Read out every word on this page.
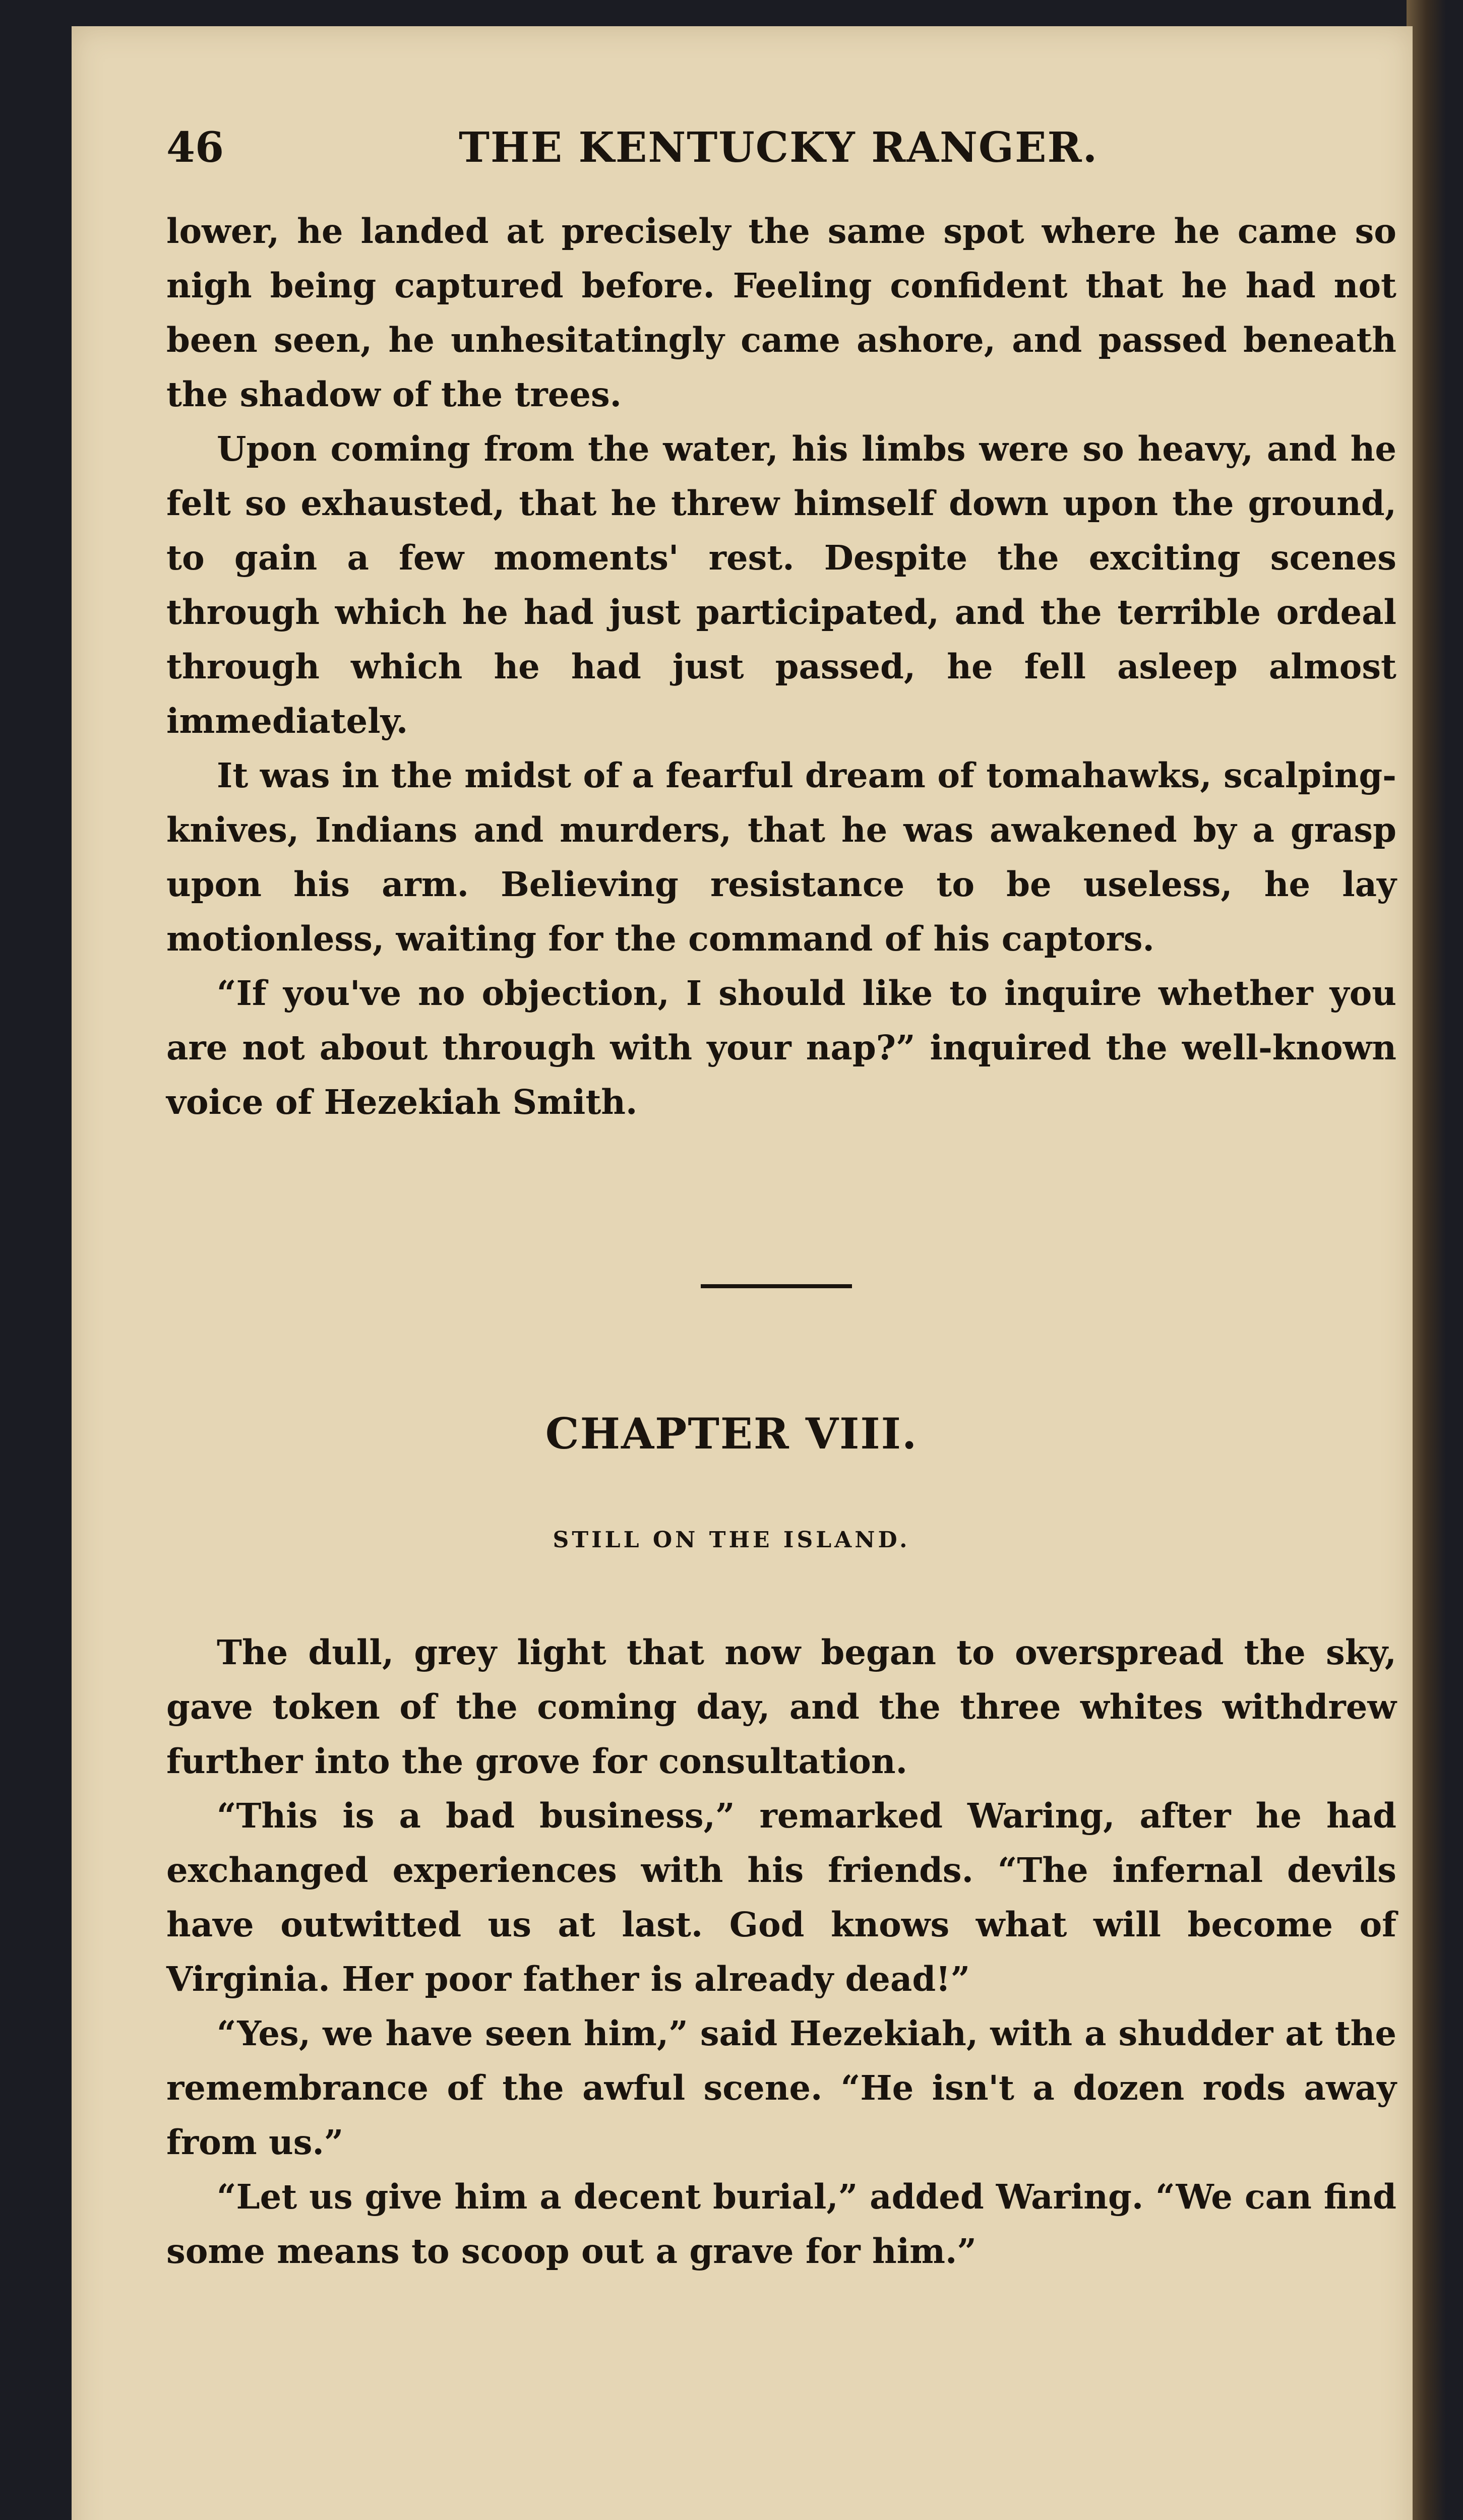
46	THE KENTUCKY RANGER.

lower, he landed at precisely the same spot where he came so nigh being captured before. Feeling confident that he had not been seen, he unhesitatingly came ashore, and passed beneath the shadow of the trees.

Upon coming from the water, his limbs were so heavy, and he felt so exhausted, that he threw himself down upon the ground, to gain a few moments' rest. Despite the exciting scenes through which he had just participated, and the terrible ordeal through which he had just passed, he fell asleep almost immediately.

It was in the midst of a fearful dream of tomahawks, scalping-knives, Indians and murders, that he was awakened by a grasp upon his arm. Believing resistance to be useless, he lay motionless, waiting for the command of his captors.

“If you've no objection, I should like to inquire whether you are not about through with your nap?” inquired the well-known voice of Hezekiah Smith.

CHAPTER VIII.
STILL ON THE ISLAND.

The dull, grey light that now began to overspread the sky, gave token of the coming day, and the three whites withdrew further into the grove for consultation.

“This is a bad business,” remarked Waring, after he had exchanged experiences with his friends. “The infernal devils have outwitted us at last. God knows what will become of Virginia. Her poor father is already dead!”

“Yes, we have seen him,” said Hezekiah, with a shudder at the remembrance of the awful scene. “He isn't a dozen rods away from us.”

“Let us give him a decent burial,” added Waring. “We can find some means to scoop out a grave for him.”
